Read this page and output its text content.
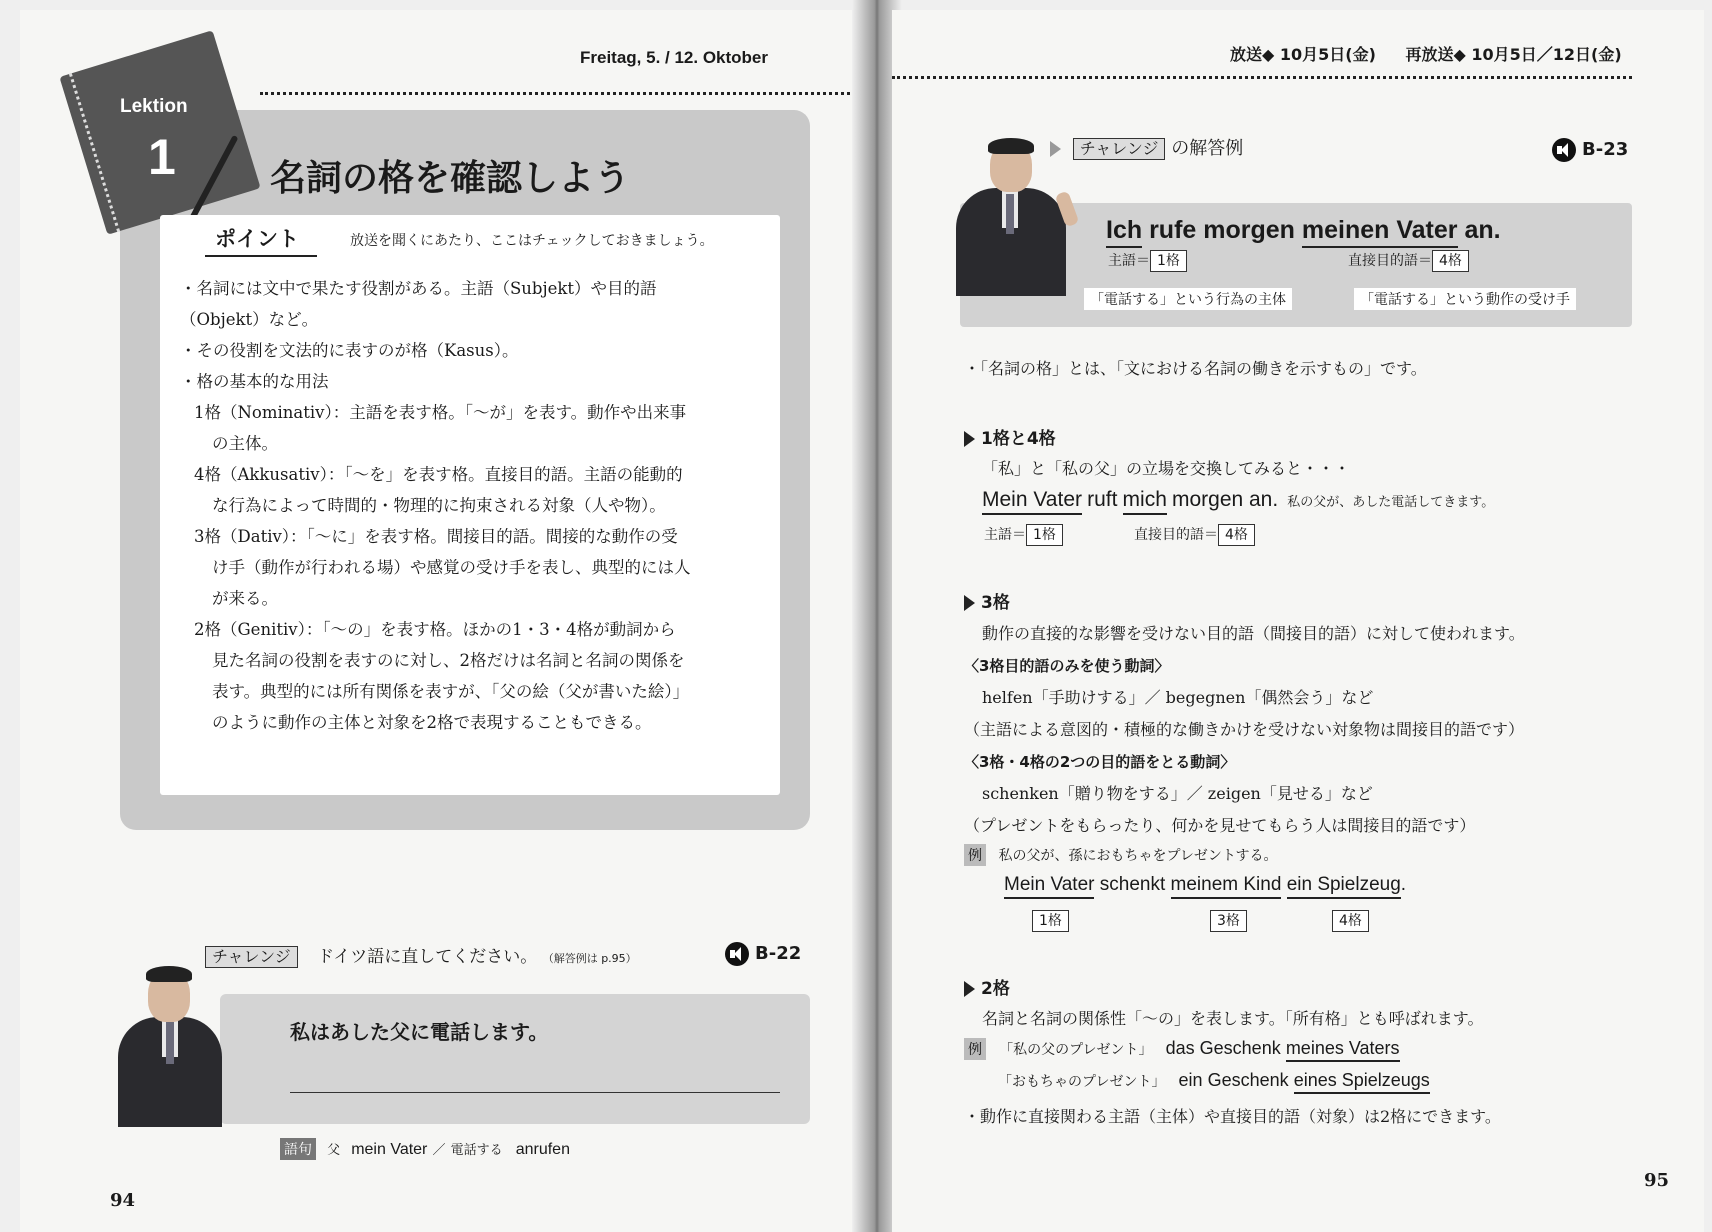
Freitag, 5. / 12. Oktober
Lektion
1	名詞の格を確認しよう
ポイント	放送を聞くにあたり、ここはチェックしておきましょう。
・名詞には文中で果たす役割がある。主語（Subjekt）や目的語
（Objekt）など。
・その役割を文法的に表すのが格（Kasus）。
・格の基本的な用法
1格（Nominativ）：主語を表す格。「～が」を表す。動作や出来事
の主体。
4格（Akkusativ）：「～を」を表す格。直接目的語。主語の能動的
な行為によって時間的・物理的に拘束される対象（人や物）。
3格（Dativ）：「～に」を表す格。間接目的語。間接的な動作の受
け手（動作が行われる場）や感覚の受け手を表し、典型的には人
が来る。
2格（Genitiv）：「～の」を表す格。ほかの1・3・4格が動詞から
見た名詞の役割を表すのに対し、2格だけは名詞と名詞の関係を
表す。典型的には所有関係を表すが、「父の絵（父が書いた絵）」
のように動作の主体と対象を2格で表現することもできる。
チャレンジ ドイツ語に直してください。 （解答例は p.95）	B-22
私はあした父に電話します。
語句 父 mein Vater ／ 電話する anrufen
94
放送◆ 10月5日(金) 再放送◆ 10月5日／12日(金)
チャレンジ の解答例	B-23
Ich rufe morgen meinen Vater an.
主語＝ 1格	直接目的語＝ 4格
「電話する」という行為の主体	「電話する」という動作の受け手
・「名詞の格」とは、「文における名詞の働きを示すもの」です。
1格と4格
「私」と「私の父」の立場を交換してみると・・・
Mein Vater ruft mich morgen an. 私の父が、あした電話してきます。
主語＝ 1格	直接目的語＝ 4格
3格
動作の直接的な影響を受けない目的語（間接目的語）に対して使われます。
〈3格目的語のみを使う動詞〉
helfen「手助けする」／ begegnen「偶然会う」など
（主語による意図的・積極的な働きかけを受けない対象物は間接目的語です）
〈3格・4格の2つの目的語をとる動詞〉
schenken「贈り物をする」／ zeigen「見せる」など
（プレゼントをもらったり、何かを見せてもらう人は間接目的語です）
例 私の父が、孫におもちゃをプレゼントする。
Mein Vater schenkt meinem Kind ein Spielzeug.
1格	3格	4格
2格
名詞と名詞の関係性「～の」を表します。「所有格」とも呼ばれます。
例 「私の父のプレゼント」 das Geschenk meines Vaters
「おもちゃのプレゼント」 ein Geschenk eines Spielzeugs
・動作に直接関わる主語（主体）や直接目的語（対象）は2格にできます。
95
